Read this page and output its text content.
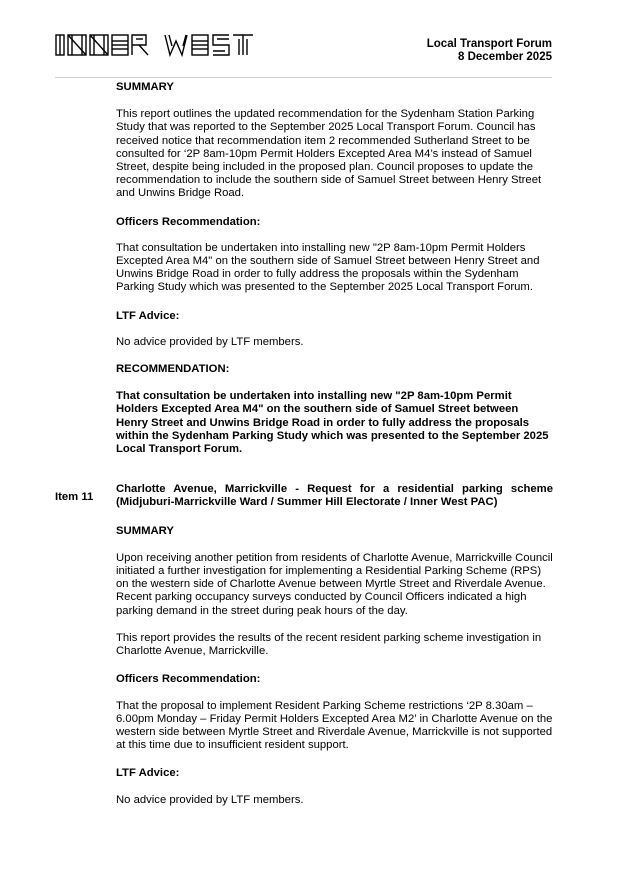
Local Transport Forum
8 December 2025
Item 11

SUMMARY

This report outlines the updated recommendation for the Sydenham Station Parking Study that was reported to the September 2025 Local Transport Forum. Council has received notice that recommendation item 2 recommended Sutherland Street to be consulted for ‘2P 8am-10pm Permit Holders Excepted Area M4’s instead of Samuel Street, despite being included in the proposed plan. Council proposes to update the recommendation to include the southern side of Samuel Street between Henry Street and Unwins Bridge Road.

Officers Recommendation:

That consultation be undertaken into installing new "2P 8am-10pm Permit Holders Excepted Area M4" on the southern side of Samuel Street between Henry Street and Unwins Bridge Road in order to fully address the proposals within the Sydenham Parking Study which was presented to the September 2025 Local Transport Forum.

LTF Advice:

No advice provided by LTF members.

RECOMMENDATION:

That consultation be undertaken into installing new "2P 8am-10pm Permit Holders Excepted Area M4" on the southern side of Samuel Street between Henry Street and Unwins Bridge Road in order to fully address the proposals within the Sydenham Parking Study which was presented to the September 2025 Local Transport Forum.

Charlotte Avenue, Marrickville - Request for a residential parking scheme (Midjuburi-Marrickville Ward / Summer Hill Electorate / Inner West PAC)

SUMMARY

Upon receiving another petition from residents of Charlotte Avenue, Marrickville Council initiated a further investigation for implementing a Residential Parking Scheme (RPS) on the western side of Charlotte Avenue between Myrtle Street and Riverdale Avenue. Recent parking occupancy surveys conducted by Council Officers indicated a high parking demand in the street during peak hours of the day.

This report provides the results of the recent resident parking scheme investigation in Charlotte Avenue, Marrickville.

Officers Recommendation:

That the proposal to implement Resident Parking Scheme restrictions ‘2P 8.30am – 6.00pm Monday – Friday Permit Holders Excepted Area M2’ in Charlotte Avenue on the western side between Myrtle Street and Riverdale Avenue, Marrickville is not supported at this time due to insufficient resident support.

LTF Advice:

No advice provided by LTF members.
